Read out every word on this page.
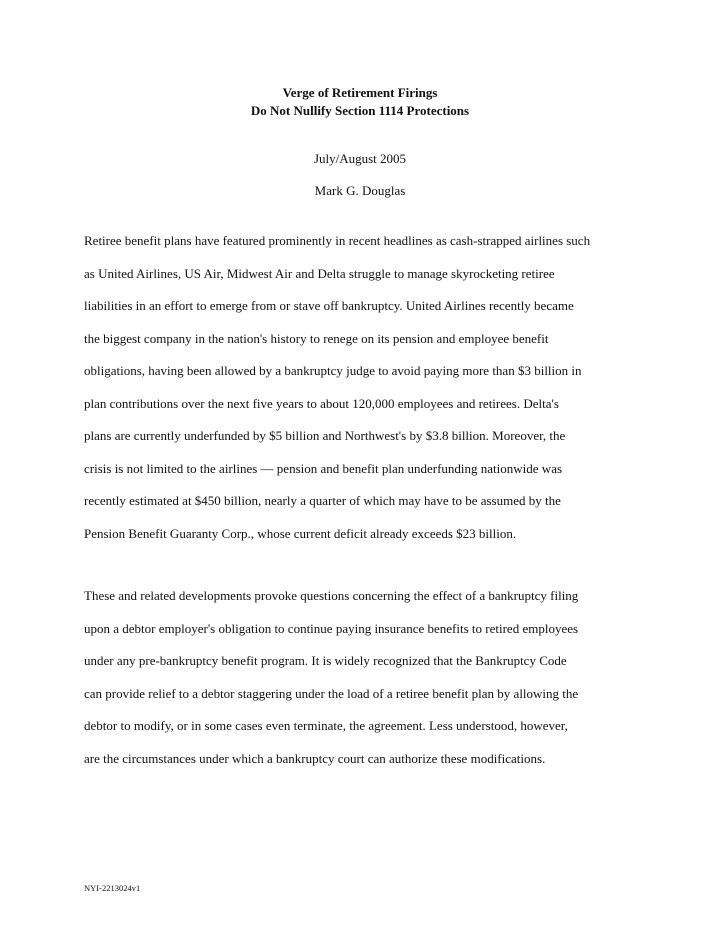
Verge of Retirement Firings
Do Not Nullify Section 1114 Protections
July/August 2005
Mark G. Douglas
Retiree benefit plans have featured prominently in recent headlines as cash-strapped airlines such
as United Airlines, US Air, Midwest Air and Delta struggle to manage skyrocketing retiree
liabilities in an effort to emerge from or stave off bankruptcy. United Airlines recently became
the biggest company in the nation's history to renege on its pension and employee benefit
obligations, having been allowed by a bankruptcy judge to avoid paying more than $3 billion in
plan contributions over the next five years to about 120,000 employees and retirees. Delta's
plans are currently underfunded by $5 billion and Northwest's by $3.8 billion. Moreover, the
crisis is not limited to the airlines — pension and benefit plan underfunding nationwide was
recently estimated at $450 billion, nearly a quarter of which may have to be assumed by the
Pension Benefit Guaranty Corp., whose current deficit already exceeds $23 billion.
These and related developments provoke questions concerning the effect of a bankruptcy filing
upon a debtor employer's obligation to continue paying insurance benefits to retired employees
under any pre-bankruptcy benefit program. It is widely recognized that the Bankruptcy Code
can provide relief to a debtor staggering under the load of a retiree benefit plan by allowing the
debtor to modify, or in some cases even terminate, the agreement. Less understood, however,
are the circumstances under which a bankruptcy court can authorize these modifications.
NYI-2213024v1
